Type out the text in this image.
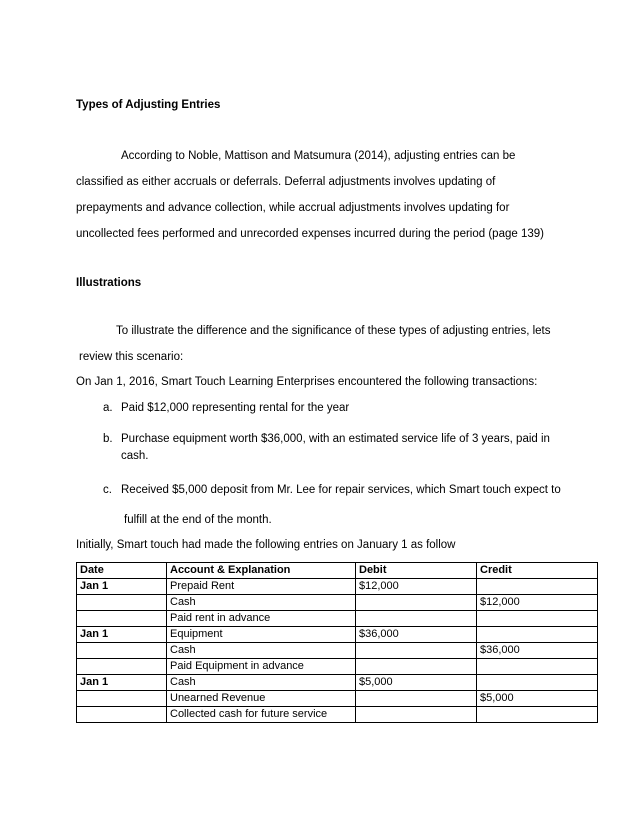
Types of Adjusting Entries
According to Noble, Mattison and Matsumura (2014), adjusting entries can be
classified as either accruals or deferrals. Deferral adjustments involves updating of
prepayments and advance collection, while accrual adjustments involves updating for
uncollected fees performed and unrecorded expenses incurred during the period (page 139)
Illustrations
To illustrate the difference and the significance of these types of adjusting entries, lets
review this scenario:
On Jan 1, 2016, Smart Touch Learning Enterprises encountered the following transactions:
a. Paid $12,000 representing rental for the year
b. Purchase equipment worth $36,000, with an estimated service life of 3 years, paid in
cash.
c. Received $5,000 deposit from Mr. Lee for repair services, which Smart touch expect to
fulfill at the end of the month.
Initially, Smart touch had made the following entries on January 1 as follow
Date	Account & Explanation	Debit	Credit
Jan 1	Prepaid Rent	$12,000	
	Cash		$12,000
	Paid rent in advance		
Jan 1	Equipment	$36,000	
	Cash		$36,000
	Paid Equipment in advance		
Jan 1	Cash	$5,000	
	Unearned Revenue		$5,000
	Collected cash for future service		
